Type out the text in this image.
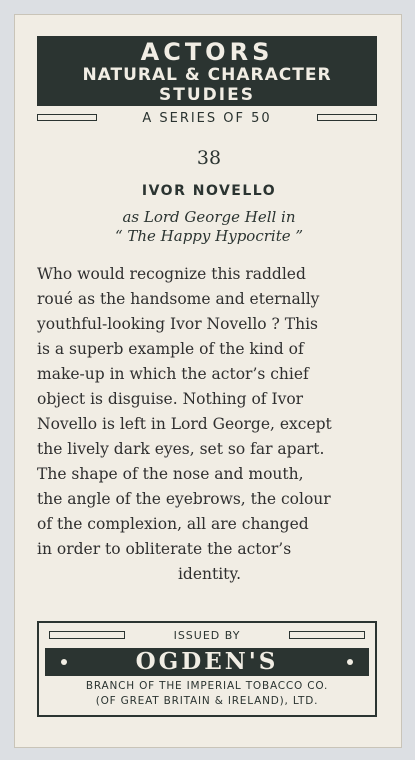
ACTORS
NATURAL & CHARACTER
STUDIES
A SERIES OF 50
38
IVOR NOVELLO
as Lord George Hell in
“ The Happy Hypocrite ”
Who would recognize this raddled
roué as the handsome and eternally
youthful-looking Ivor Novello ? This
is a superb example of the kind of
make-up in which the actor’s chief
object is disguise. Nothing of Ivor
Novello is left in Lord George, except
the lively dark eyes, set so far apart.
The shape of the nose and mouth,
the angle of the eyebrows, the colour
of the complexion, all are changed
in order to obliterate the actor’s
identity.
ISSUED BY
OGDEN'S
BRANCH OF THE IMPERIAL TOBACCO CO.
(OF GREAT BRITAIN & IRELAND), LTD.
